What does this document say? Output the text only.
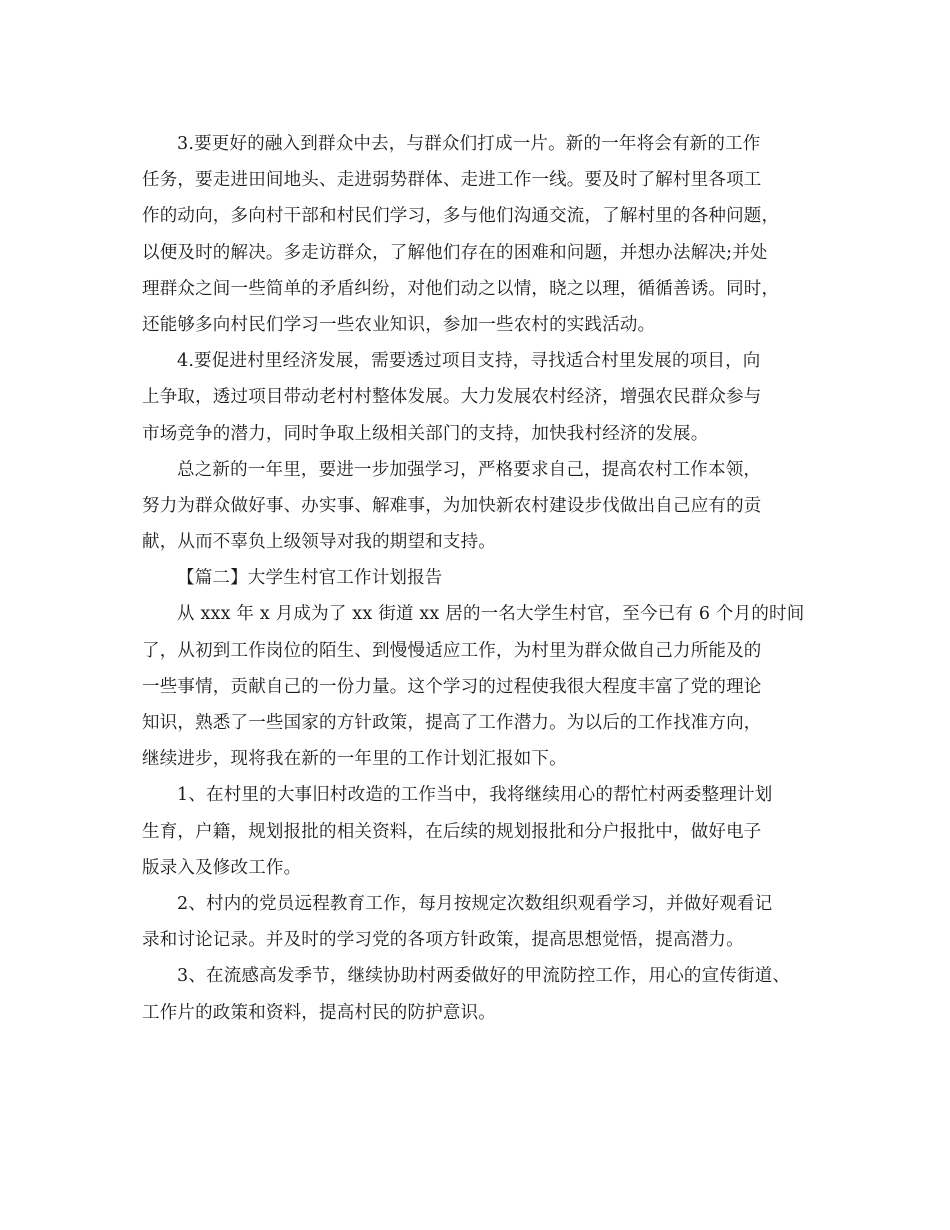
3.要更好的融入到群众中去，与群众们打成一片。新的一年将会有新的工作
任务，要走进田间地头、走进弱势群体、走进工作一线。要及时了解村里各项工
作的动向，多向村干部和村民们学习，多与他们沟通交流，了解村里的各种问题，
以便及时的解决。多走访群众，了解他们存在的困难和问题，并想办法解决;并处
理群众之间一些简单的矛盾纠纷，对他们动之以情，晓之以理，循循善诱。同时，
还能够多向村民们学习一些农业知识，参加一些农村的实践活动。
4.要促进村里经济发展，需要透过项目支持，寻找适合村里发展的项目，向
上争取，透过项目带动老村村整体发展。大力发展农村经济，增强农民群众参与
市场竞争的潜力，同时争取上级相关部门的支持，加快我村经济的发展。
总之新的一年里，要进一步加强学习，严格要求自己，提高农村工作本领，
努力为群众做好事、办实事、解难事，为加快新农村建设步伐做出自己应有的贡
献，从而不辜负上级领导对我的期望和支持。
【篇二】大学生村官工作计划报告
从 xxx 年 x 月成为了 xx 街道 xx 居的一名大学生村官，至今已有 6 个月的时间
了，从初到工作岗位的陌生、到慢慢适应工作，为村里为群众做自己力所能及的
一些事情，贡献自己的一份力量。这个学习的过程使我很大程度丰富了党的理论
知识，熟悉了一些国家的方针政策，提高了工作潜力。为以后的工作找准方向，
继续进步，现将我在新的一年里的工作计划汇报如下。
1、在村里的大事旧村改造的工作当中，我将继续用心的帮忙村两委整理计划
生育，户籍，规划报批的相关资料，在后续的规划报批和分户报批中，做好电子
版录入及修改工作。
2、村内的党员远程教育工作，每月按规定次数组织观看学习，并做好观看记
录和讨论记录。并及时的学习党的各项方针政策，提高思想觉悟，提高潜力。
3、在流感高发季节，继续协助村两委做好的甲流防控工作，用心的宣传街道、
工作片的政策和资料，提高村民的防护意识。
